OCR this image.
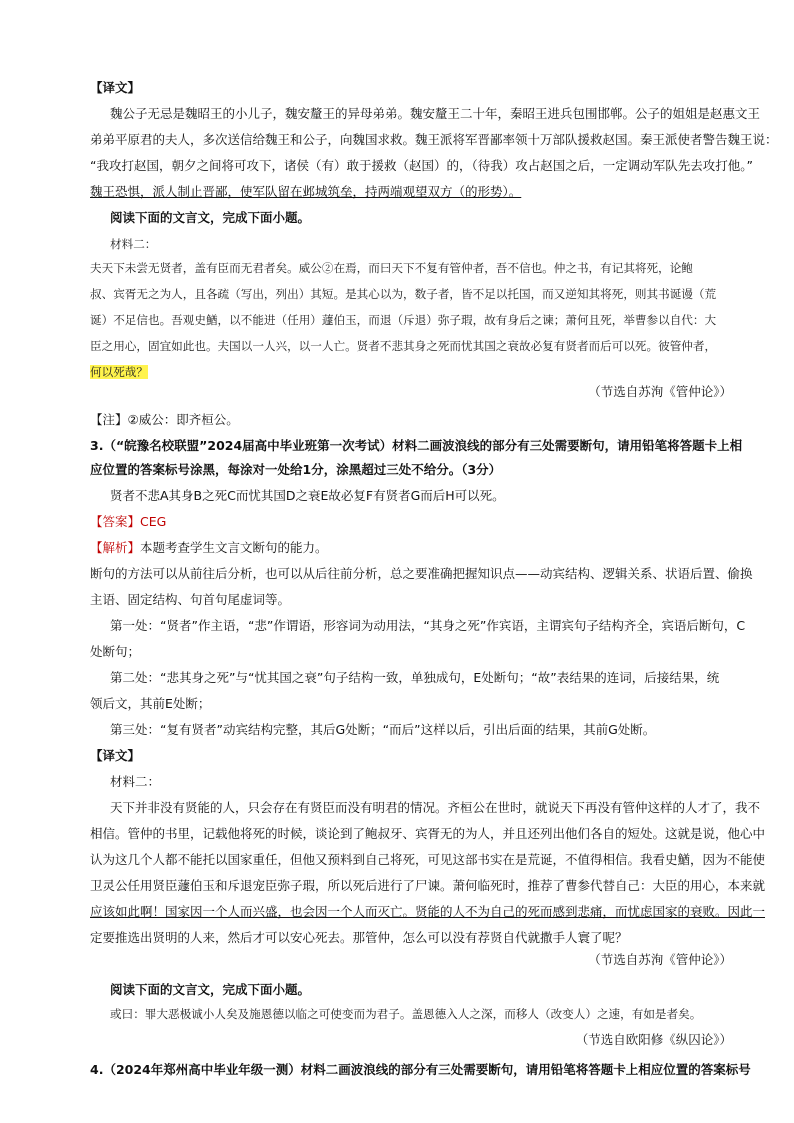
【译文】
魏公子无忌是魏昭王的小儿子，魏安釐王的异母弟弟。魏安釐王二十年，秦昭王进兵包围邯郸。公子的姐姐是赵惠文王
弟弟平原君的夫人，多次送信给魏王和公子，向魏国求救。魏王派将军晋鄙率领十万部队援救赵国。秦王派使者警告魏王说：
“我攻打赵国，朝夕之间将可攻下，诸侯（有）敢于援救（赵国）的，（待我）攻占赵国之后，一定调动军队先去攻打他。”
魏王恐惧，派人制止晋鄙，使军队留在邺城筑垒，持两端观望双方（的形势）。
阅读下面的文言文，完成下面小题。
材料二：
夫天下未尝无贤者，盖有臣而无君者矣。威公②在焉，而曰天下不复有管仲者，吾不信也。仲之书，有记其将死，论鲍
叔、宾胥无之为人，且各疏（写出，列出）其短。是其心以为，数子者，皆不足以托国，而又逆知其将死，则其书诞谩（荒
诞）不足信也。吾观史鰌，以不能进（任用）蘧伯玉，而退（斥退）弥子瑕，故有身后之谏；萧何且死，举曹参以自代：大
臣之用心，固宜如此也。夫国以一人兴，以一人亡。贤者不悲其身之死而忧其国之衰故必复有贤者而后可以死。彼管仲者，
何以死哉？
（节选自苏洵《管仲论》）
【注】②威公：即齐桓公。
3.（“皖豫名校联盟”2024届高中毕业班第一次考试）材料二画波浪线的部分有三处需要断句，请用铅笔将答题卡上相
应位置的答案标号涂黑，每涂对一处给1分，涂黑超过三处不给分。（3分）
贤者不悲A其身B之死C而忧其国D之衰E故必复F有贤者G而后H可以死。
【答案】CEG
【解析】本题考查学生文言文断句的能力。
断句的方法可以从前往后分析，也可以从后往前分析，总之要准确把握知识点——动宾结构、逻辑关系、状语后置、偷换
主语、固定结构、句首句尾虚词等。
第一处：“贤者”作主语，“悲”作谓语，形容词为动用法，“其身之死”作宾语，主谓宾句子结构齐全，宾语后断句，C
处断句；
第二处：“悲其身之死”与“忧其国之衰”句子结构一致，单独成句，E处断句；“故”表结果的连词，后接结果，统
领后文，其前E处断；
第三处：“复有贤者”动宾结构完整，其后G处断；“而后”这样以后，引出后面的结果，其前G处断。
【译文】
材料二：
天下并非没有贤能的人，只会存在有贤臣而没有明君的情况。齐桓公在世时，就说天下再没有管仲这样的人才了，我不
相信。管仲的书里，记载他将死的时候，谈论到了鲍叔牙、宾胥无的为人，并且还列出他们各自的短处。这就是说，他心中
认为这几个人都不能托以国家重任，但他又预料到自己将死，可见这部书实在是荒诞，不值得相信。我看史鰌，因为不能使
卫灵公任用贤臣蘧伯玉和斥退宠臣弥子瑕，所以死后进行了尸谏。萧何临死时，推荐了曹参代替自己：大臣的用心，本来就
应该如此啊！国家因一个人而兴盛，也会因一个人而灭亡。贤能的人不为自己的死而感到悲痛，而忧虑国家的衰败。因此一
定要推选出贤明的人来，然后才可以安心死去。那管仲，怎么可以没有荐贤自代就撒手人寰了呢？
（节选自苏洵《管仲论》）
阅读下面的文言文，完成下面小题。
或曰：罪大恶极诚小人矣及施恩德以临之可使变而为君子。盖恩德入人之深，而移人（改变人）之速，有如是者矣。
（节选自欧阳修《纵囚论》）
4.（2024年郑州高中毕业年级一测）材料二画波浪线的部分有三处需要断句，请用铅笔将答题卡上相应位置的答案标号
